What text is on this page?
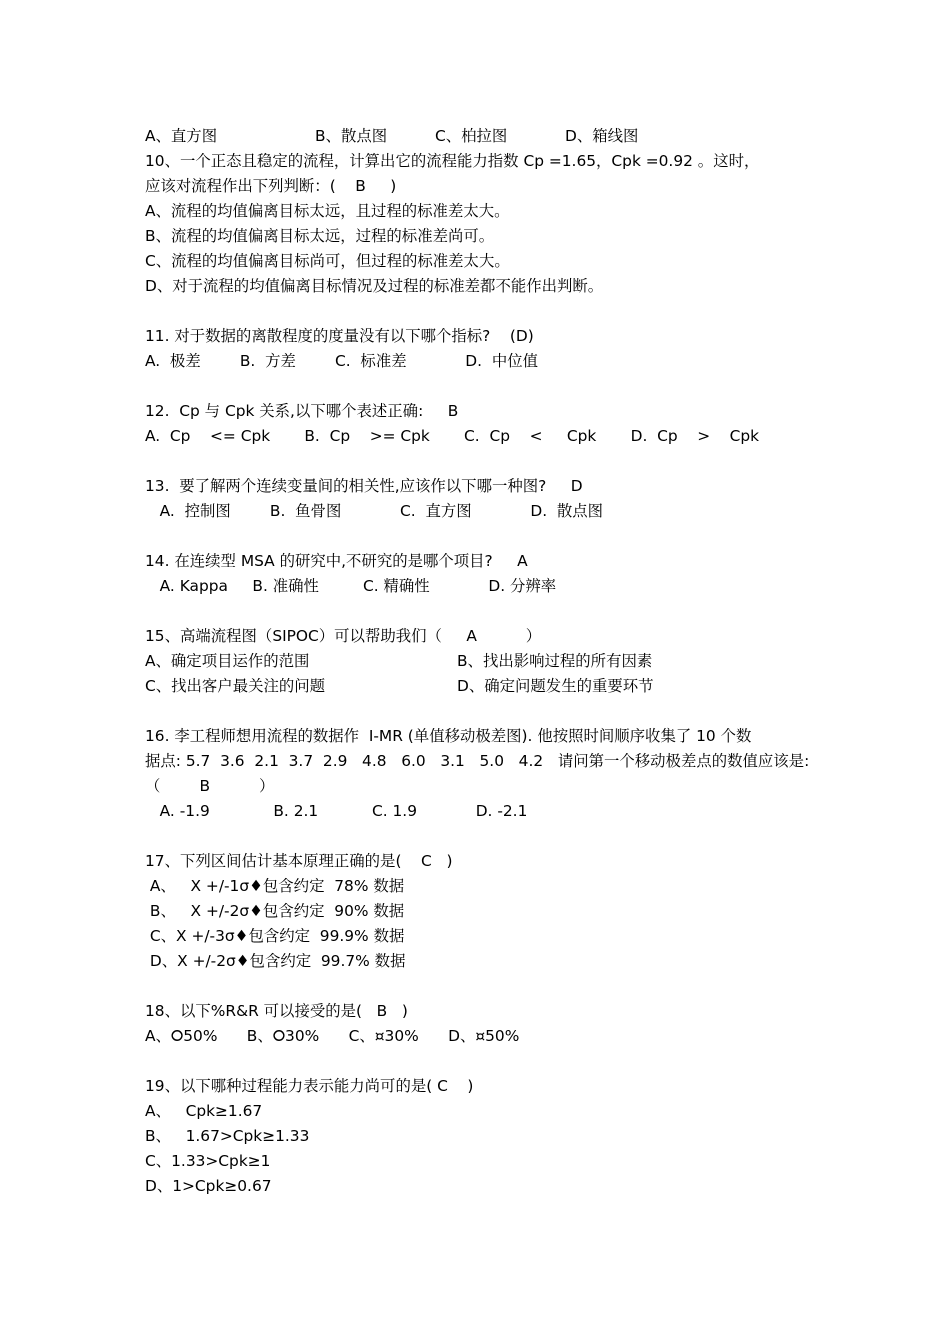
A、直方图	B、散点图	C、柏拉图	D、箱线图
10、一个正态且稳定的流程，计算出它的流程能力指数 Cp =1.65，Cpk =0.92 。这时，
应该对流程作出下列判断：(    B     )
A、流程的均值偏离目标太远，且过程的标准差太大。
B、流程的均值偏离目标太远，过程的标准差尚可。
C、流程的均值偏离目标尚可，但过程的标准差太大。
D、对于流程的均值偏离目标情况及过程的标准差都不能作出判断。
11. 对于数据的离散程度的度量没有以下哪个指标?    (D)
A.  极差        B.  方差        C.  标准差            D.  中位值
12.  Cp 与 Cpk 关系,以下哪个表述正确:     B
A.  Cp    <= Cpk       B.  Cp    >= Cpk       C.  Cp    <     Cpk       D.  Cp    >    Cpk
13.  要了解两个连续变量间的相关性,应该作以下哪一种图?     D
A.  控制图        B.  鱼骨图            C.  直方图            D.  散点图
14. 在连续型 MSA 的研究中,不研究的是哪个项目?     A
A. Kappa     B. 准确性         C. 精确性            D. 分辨率
15、高端流程图（SIPOC）可以帮助我们（     A          ）
A、确定项目运作的范围	B、找出影响过程的所有因素
C、找出客户最关注的问题	D、确定问题发生的重要环节
16. 李工程师想用流程的数据作  I-MR (单值移动极差图). 他按照时间顺序收集了 10 个数
据点: 5.7  3.6  2.1  3.7  2.9   4.8   6.0   3.1   5.0   4.2   请问第一个移动极差点的数值应该是:
（        B          ）
A. -1.9             B. 2.1           C. 1.9            D. -2.1
17、下列区间估计基本原理正确的是(    C   )
A、   X +/-1σ♦包含约定  78% 数据
B、   X +/-2σ♦包含约定  90% 数据
C、X +/-3σ♦包含约定  99.9% 数据
D、X +/-2σ♦包含约定  99.7% 数据
18、以下%R&R 可以接受的是(   B   )
A、⭘50%      B、⭘30%      C、¤30%      D、¤50%
19、以下哪种过程能力表示能力尚可的是( C    )
A、   Cpk≥1.67
B、   1.67>Cpk≥1.33
C、1.33>Cpk≥1
D、1>Cpk≥0.67
